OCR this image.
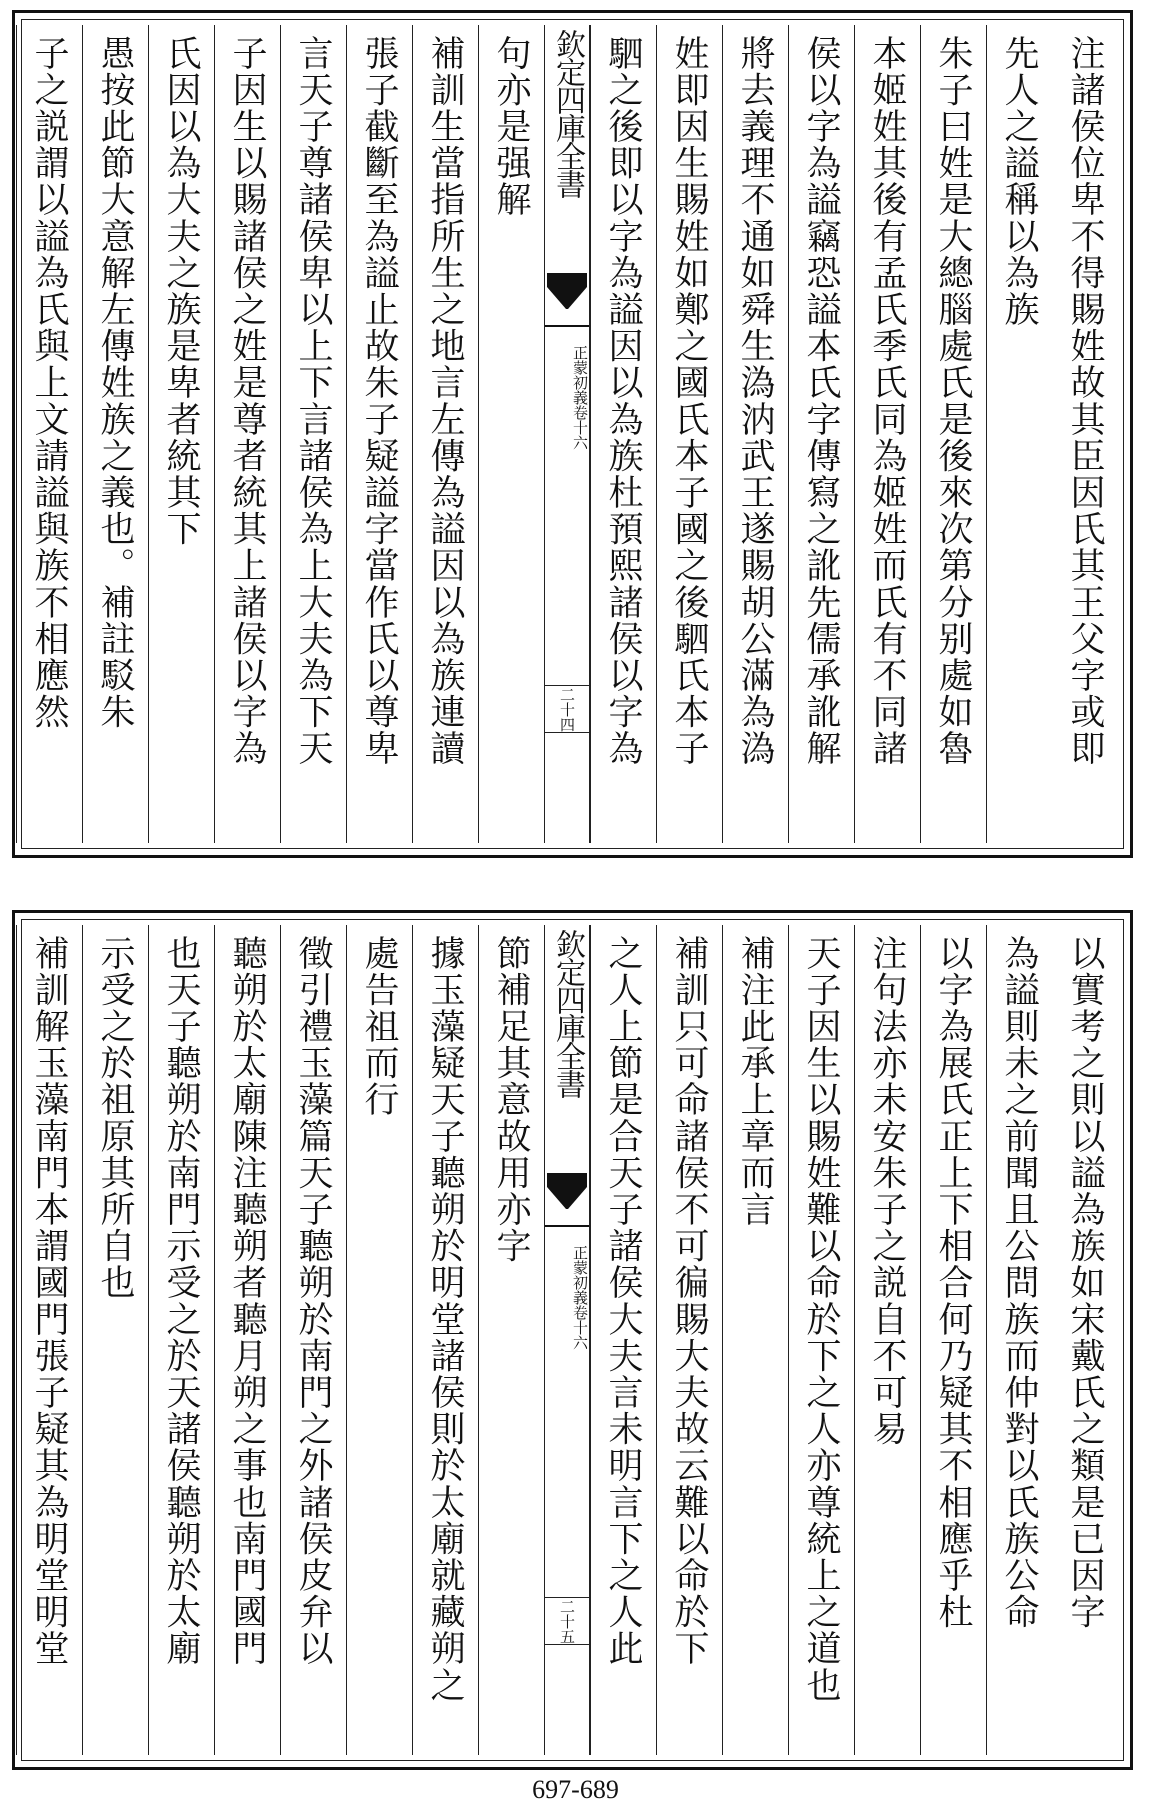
注諸侯位卑不得賜姓故其臣因氏其王父字或即
先人之謚稱以為族
朱子曰姓是大總腦處氏是後來次第分别處如魯
本姬姓其後有孟氏季氏同為姬姓而氏有不同諸
侯以字為謚竊恐謚本氏字傳寫之訛先儒承訛解
將去義理不通如舜生溈汭武王遂賜胡公滿為溈
姓即因生賜姓如鄭之國氏本子國之後駟氏本子
駟之後即以字為謚因以為族杜預熙諸侯以字為
欽定四庫全書
正蒙初義卷十六
二十四
句亦是强解
補訓生當指所生之地言左傳為謚因以為族連讀
張子截斷至為謚止故朱子疑謚字當作氏以尊卑
言天子尊諸侯卑以上下言諸侯為上大夫為下天
子因生以賜諸侯之姓是尊者統其上諸侯以字為
氏因以為大夫之族是卑者統其下
愚按此節大意解左傳姓族之義也。補註駁朱
子之説謂以謚為氏與上文請謚與族不相應然
以實考之則以謚為族如宋戴氏之類是已因字
為謚則未之前聞且公問族而仲對以氏族公命
以字為展氏正上下相合何乃疑其不相應乎杜
注句法亦未安朱子之説自不可易
天子因生以賜姓難以命於下之人亦尊統上之道也
補注此承上章而言
補訓只可命諸侯不可徧賜大夫故云難以命於下
之人上節是合天子諸侯大夫言未明言下之人此
欽定四庫全書
正蒙初義卷十六
二十五
節補足其意故用亦字
據玉藻疑天子聽朔於明堂諸侯則於太廟就藏朔之
處告祖而行
徵引禮玉藻篇天子聽朔於南門之外諸侯皮弁以
聽朔於太廟陳注聽朔者聽月朔之事也南門國門
也天子聽朔於南門示受之於天諸侯聽朔於太廟
示受之於祖原其所自也
補訓解玉藻南門本謂國門張子疑其為明堂明堂
697-689
